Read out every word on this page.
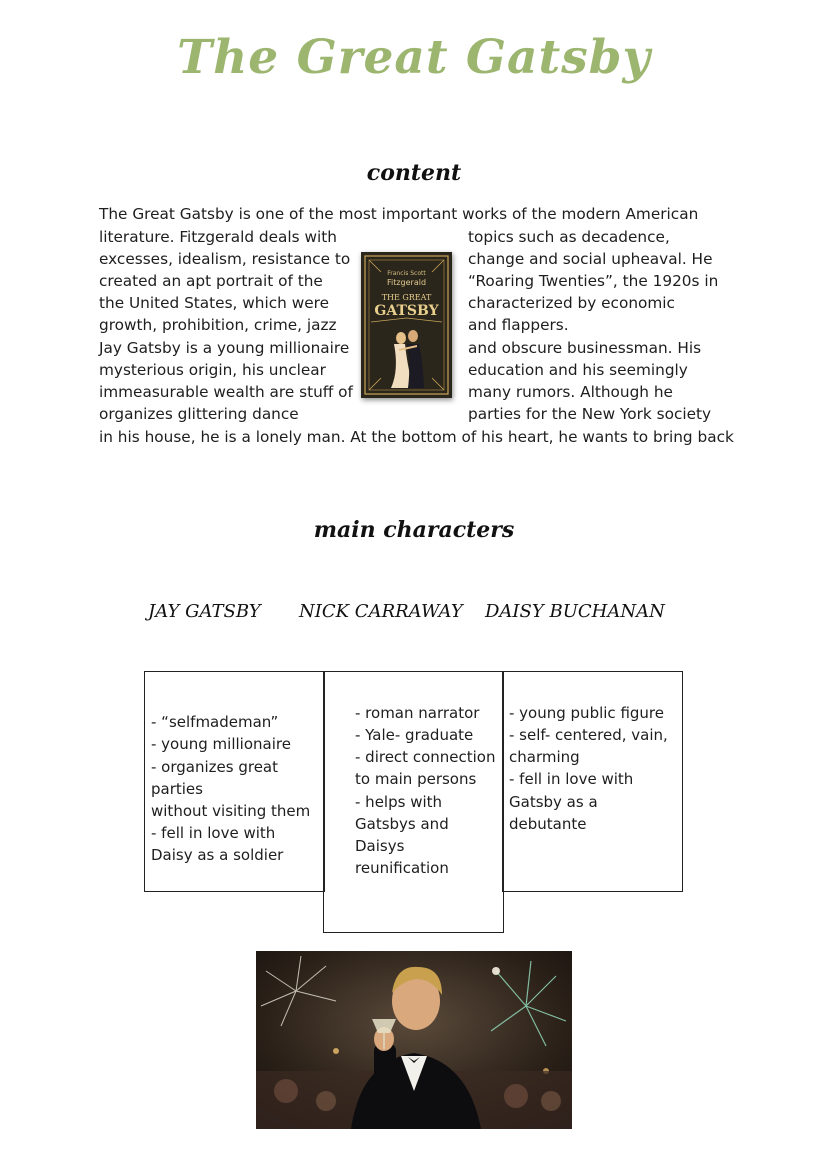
The Great Gatsby
content
The Great Gatsby is one of the most important works of the modern American
literature. Fitzgerald deals with
excesses, idealism, resistance to
created an apt portrait of the
the United States, which were
growth, prohibition, crime, jazz
Jay Gatsby is a young millionaire
mysterious origin, his unclear
immeasurable wealth are stuff of
organizes glittering dance
topics such as decadence,
change and social upheaval. He
“Roaring Twenties”, the 1920s in
characterized by economic
and flappers.
and obscure businessman. His
education and his seemingly
many rumors. Although he
parties for the New York society
in his house, he is a lonely man. At the bottom of his heart, he wants to bring back
Francis Scott
Fitzgerald
THE GREAT
GATSBY
main characters
JAY GATSBY NICK CARRAWAY DAISY BUCHANAN
- “selfmademan”
- young millionaire
- organizes great
parties
without visiting them
- fell in love with
Daisy as a soldier
- roman narrator
- Yale- graduate
- direct connection
to main persons
- helps with
Gatsbys and
Daisys
reunification
- young public figure
- self- centered, vain,
charming
- fell in love with
Gatsby as a
debutante
